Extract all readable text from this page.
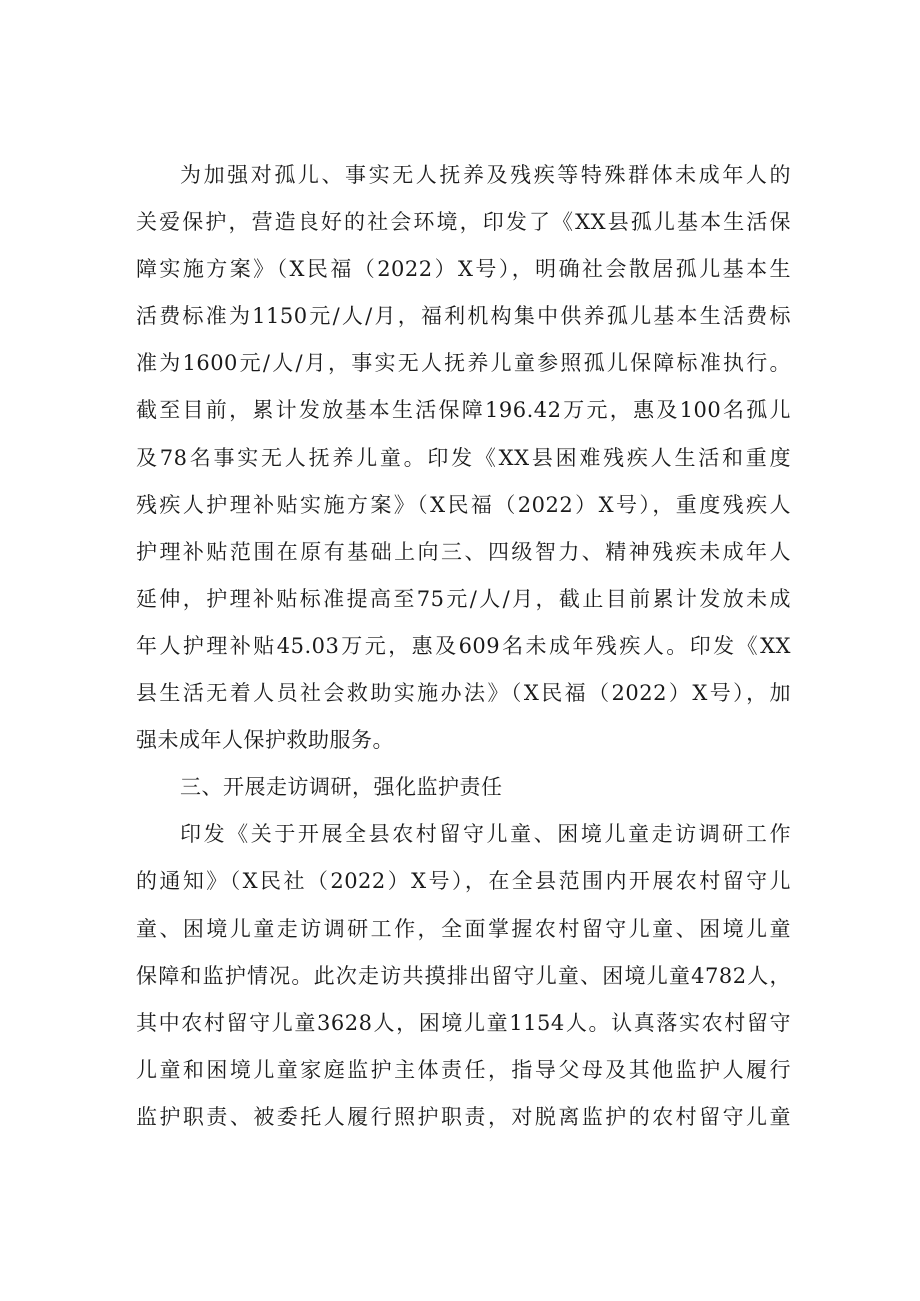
为加强对孤儿、事实无人抚养及残疾等特殊群体未成年人的
关爱保护，营造良好的社会环境，印发了《XX县孤儿基本生活保
障实施方案》（X民福（2022）X号），明确社会散居孤儿基本生
活费标准为1150元/人/月，福利机构集中供养孤儿基本生活费标
准为1600元/人/月，事实无人抚养儿童参照孤儿保障标准执行。
截至目前，累计发放基本生活保障196.42万元，惠及100名孤儿
及78名事实无人抚养儿童。印发《XX县困难残疾人生活和重度
残疾人护理补贴实施方案》（X民福（2022）X号），重度残疾人
护理补贴范围在原有基础上向三、四级智力、精神残疾未成年人
延伸，护理补贴标准提高至75元/人/月，截止目前累计发放未成
年人护理补贴45.03万元，惠及609名未成年残疾人。印发《XX
县生活无着人员社会救助实施办法》（X民福（2022）X号），加
强未成年人保护救助服务。
三、开展走访调研，强化监护责任
印发《关于开展全县农村留守儿童、困境儿童走访调研工作
的通知》（X民社（2022）X号），在全县范围内开展农村留守儿
童、困境儿童走访调研工作，全面掌握农村留守儿童、困境儿童
保障和监护情况。此次走访共摸排出留守儿童、困境儿童4782人，
其中农村留守儿童3628人，困境儿童1154人。认真落实农村留守
儿童和困境儿童家庭监护主体责任，指导父母及其他监护人履行
监护职责、被委托人履行照护职责，对脱离监护的农村留守儿童
